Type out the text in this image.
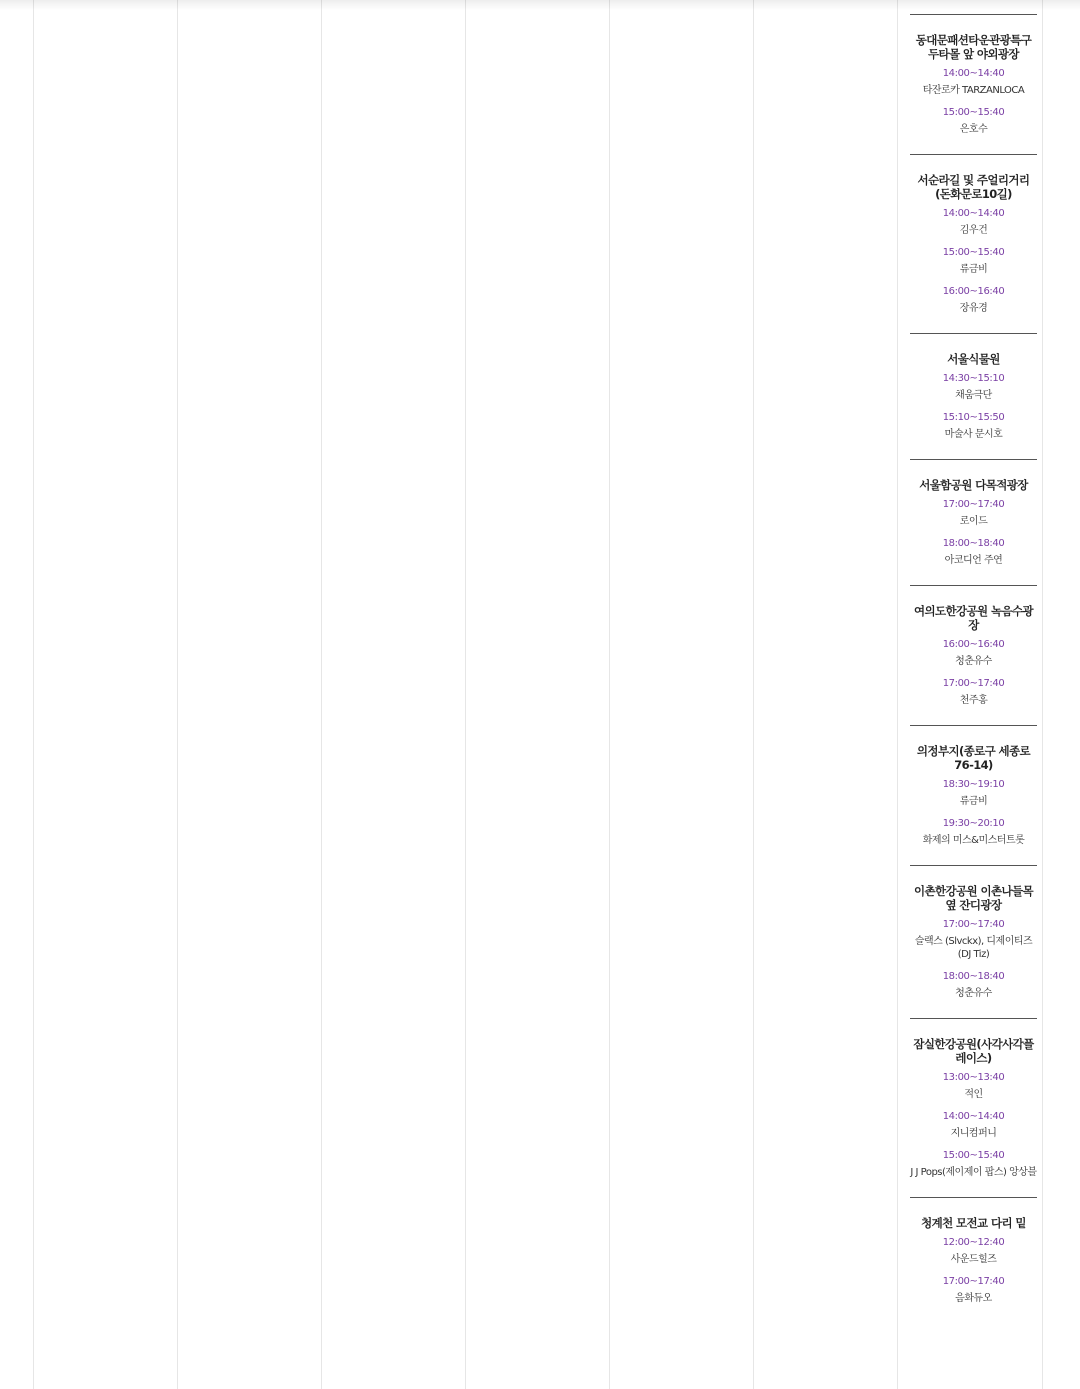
동대문패션타운관광특구 두타몰 앞 야외광장
14:00~14:40
타잔로카 TARZANLOCA
15:00~15:40
은호수
서순라길 및 주얼리거리(돈화문로10길)
14:00~14:40
김우건
15:00~15:40
류금비
16:00~16:40
장유경
서울식물원
14:30~15:10
채움극단
15:10~15:50
마술사 문시호
서울함공원 다목적광장
17:00~17:40
로이드
18:00~18:40
아코디언 주연
여의도한강공원 녹음수광장
16:00~16:40
청춘유수
17:00~17:40
천주홍
의정부지(종로구 세종로 76-14)
18:30~19:10
류금비
19:30~20:10
화제의 미스&미스터트롯
이촌한강공원 이촌나들목 옆 잔디광장
17:00~17:40
슬랙스 (Slvckx), 디제이티즈(DJ Tiz)
18:00~18:40
청춘유수
잠실한강공원(사각사각플레이스)
13:00~13:40
적인
14:00~14:40
지니컴퍼니
15:00~15:40
J J Pops(제이제이 팝스) 앙상블
청계천 모전교 다리 밑
12:00~12:40
사운드힐즈
17:00~17:40
음화듀오
